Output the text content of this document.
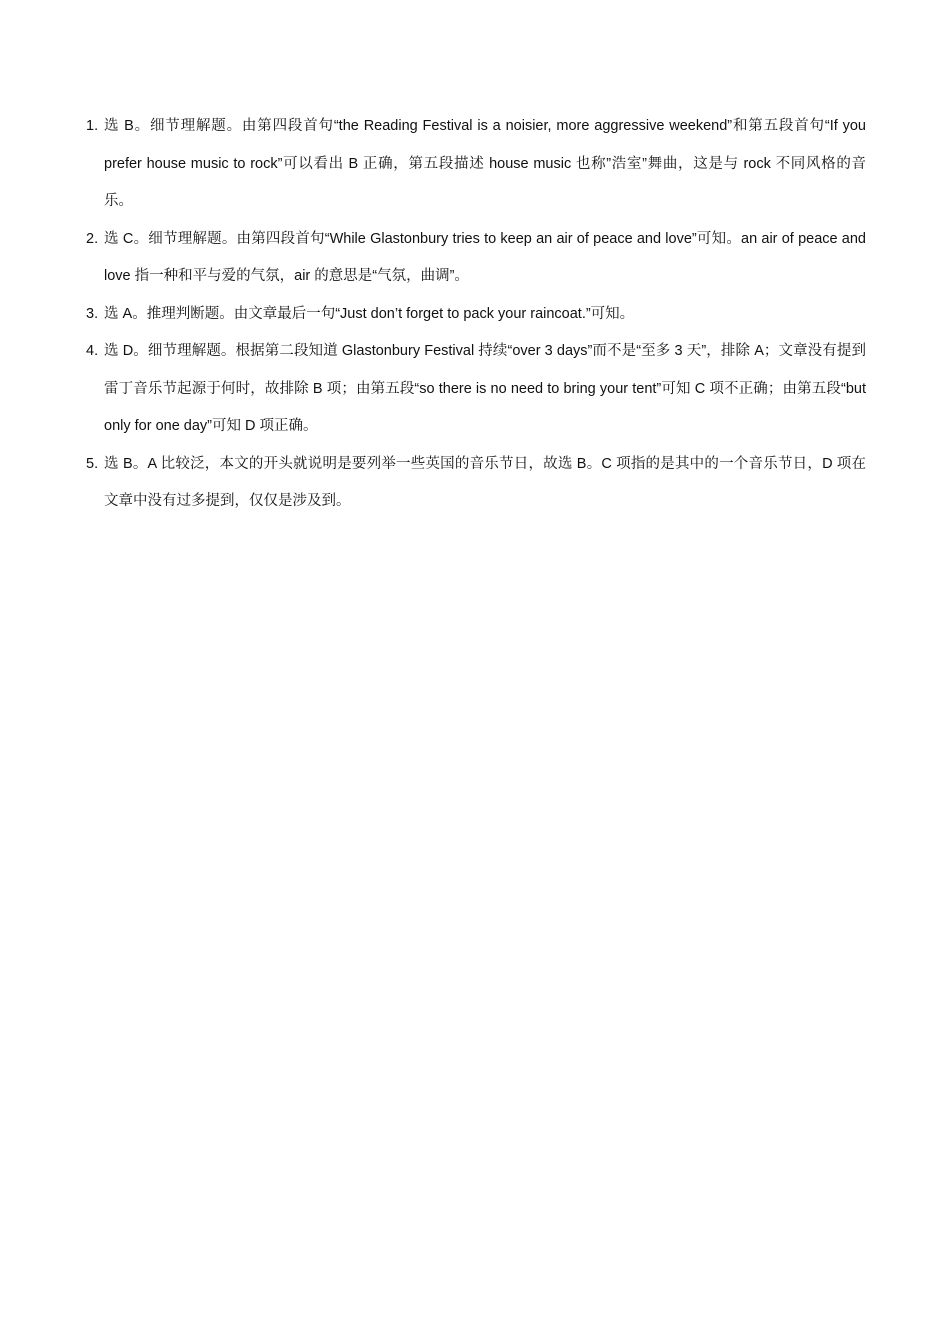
1. 选 B。细节理解题。由第四段首句“the Reading Festival is a noisier, more aggressive weekend”和第五段首句“If you prefer house music to rock”可以看出 B 正确，第五段描述 house music 也称”浩室”舞曲，这是与 rock 不同风格的音乐。
2. 选 C。细节理解题。由第四段首句“While Glastonbury tries to keep an air of peace and love”可知。an air of peace and love 指一种和平与爱的气氛，air 的意思是“气氛，曲调”。
3. 选 A。推理判断题。由文章最后一句“Just don’t forget to pack your raincoat.”可知。
4. 选 D。细节理解题。根据第二段知道 Glastonbury Festival 持续“over 3 days”而不是“至多 3 天”，排除 A；文章没有提到雷丁音乐节起源于何时，故排除 B 项；由第五段“so there is no need to bring your tent”可知 C 项不正确；由第五段“but only for one day”可知 D 项正确。
5. 选 B。A 比较泛，本文的开头就说明是要列举一些英国的音乐节日，故选 B。C 项指的是其中的一个音乐节日，D 项在文章中没有过多提到，仅仅是涉及到。
